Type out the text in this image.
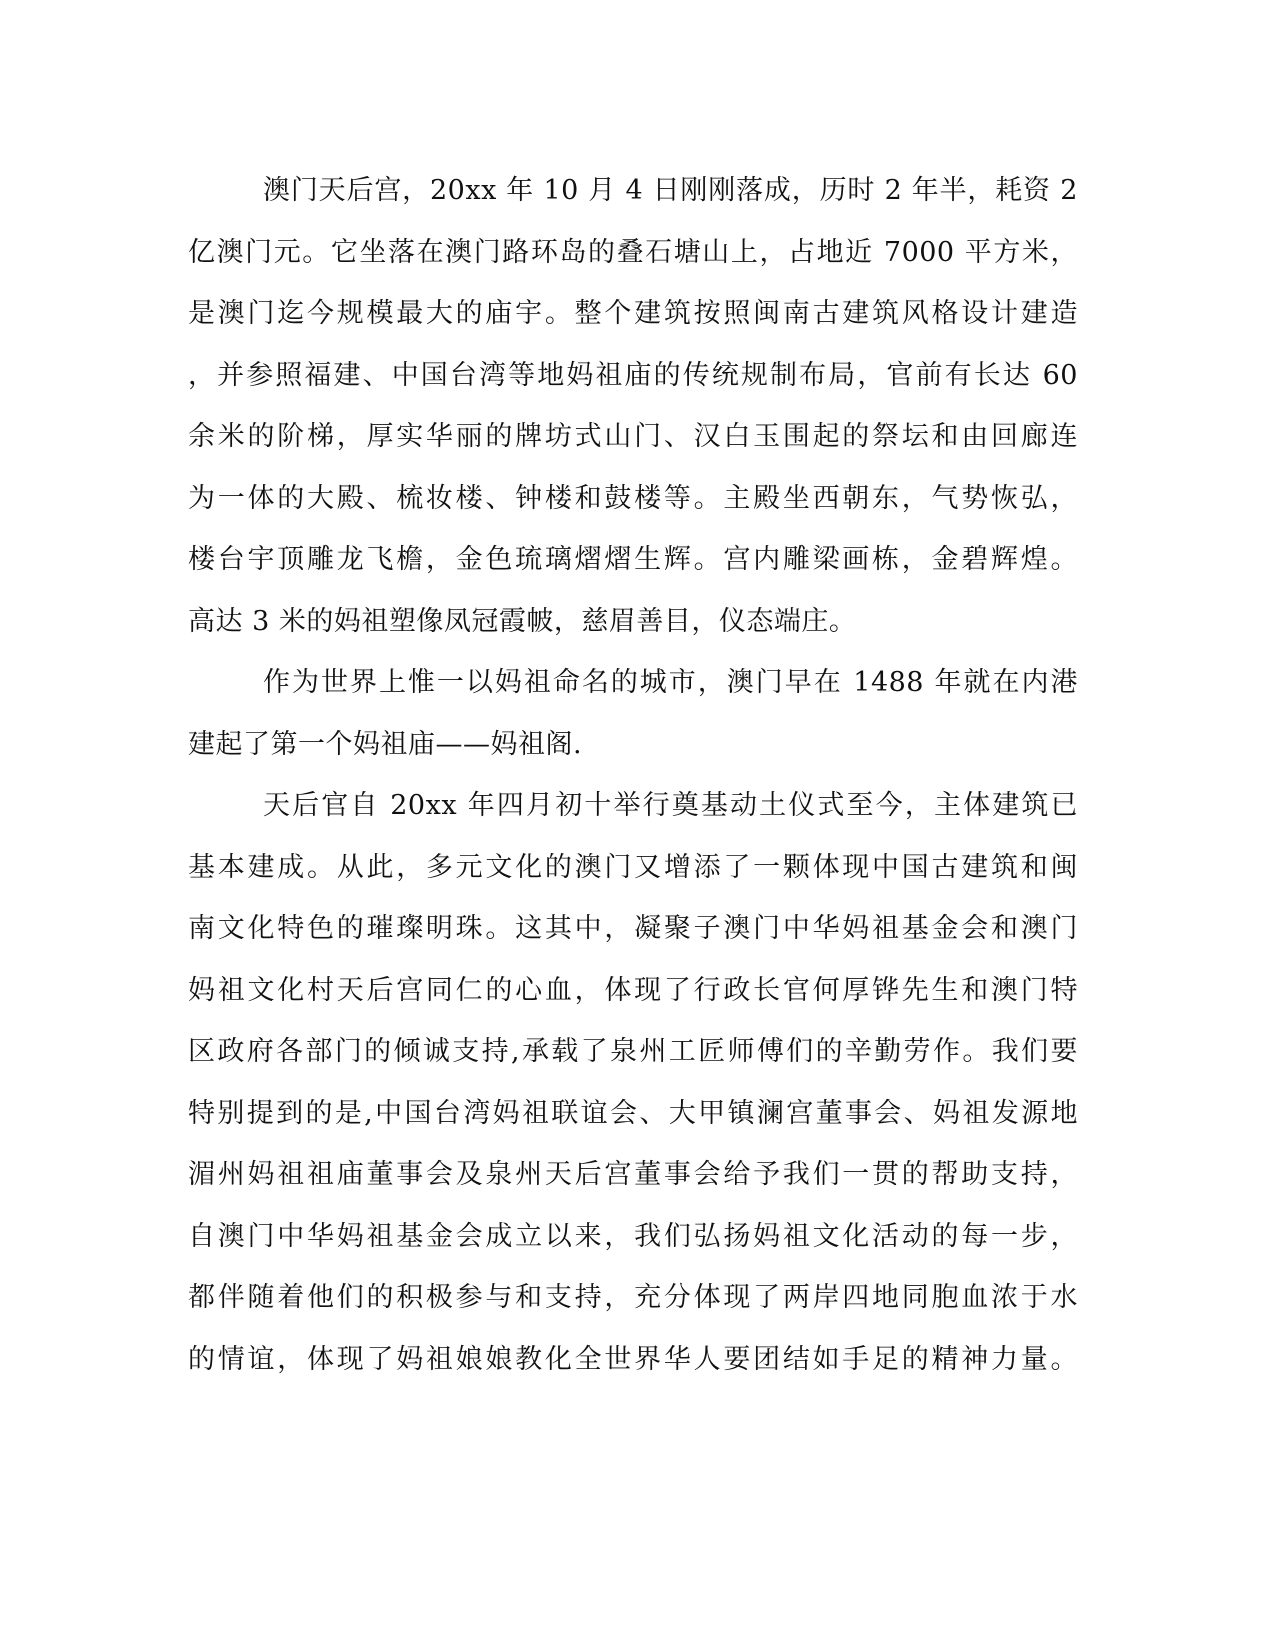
澳门天后宫，20xx 年 10 月 4 日刚刚落成，历时 2 年半，耗资 2
亿澳门元。它坐落在澳门路环岛的叠石塘山上，占地近 7000 平方米，
是澳门迄今规模最大的庙宇。整个建筑按照闽南古建筑风格设计建造
，并参照福建、中国台湾等地妈祖庙的传统规制布局，官前有长达 60
余米的阶梯，厚实华丽的牌坊式山门、汉白玉围起的祭坛和由回廊连
为一体的大殿、梳妆楼、钟楼和鼓楼等。主殿坐西朝东，气势恢弘，
楼台宇顶雕龙飞檐，金色琉璃熠熠生辉。宫内雕梁画栋，金碧辉煌。
高达 3 米的妈祖塑像凤冠霞帔，慈眉善目，仪态端庄。
作为世界上惟一以妈祖命名的城市，澳门早在 1488 年就在内港
建起了第一个妈祖庙——妈祖阁.
天后官自 20xx 年四月初十举行奠基动土仪式至今，主体建筑已
基本建成。从此，多元文化的澳门又增添了一颗体现中国古建筑和闽
南文化特色的璀璨明珠。这其中，凝聚子澳门中华妈祖基金会和澳门
妈祖文化村天后宫同仁的心血，体现了行政长官何厚铧先生和澳门特
区政府各部门的倾诚支持,承载了泉州工匠师傅们的辛勤劳作。我们要
特别提到的是,中国台湾妈祖联谊会、大甲镇澜宫董事会、妈祖发源地
湄州妈祖祖庙董事会及泉州天后宫董事会给予我们一贯的帮助支持，
自澳门中华妈祖基金会成立以来，我们弘扬妈祖文化活动的每一步，
都伴随着他们的积极参与和支持，充分体现了两岸四地同胞血浓于水
的情谊，体现了妈祖娘娘教化全世界华人要团结如手足的精神力量。
